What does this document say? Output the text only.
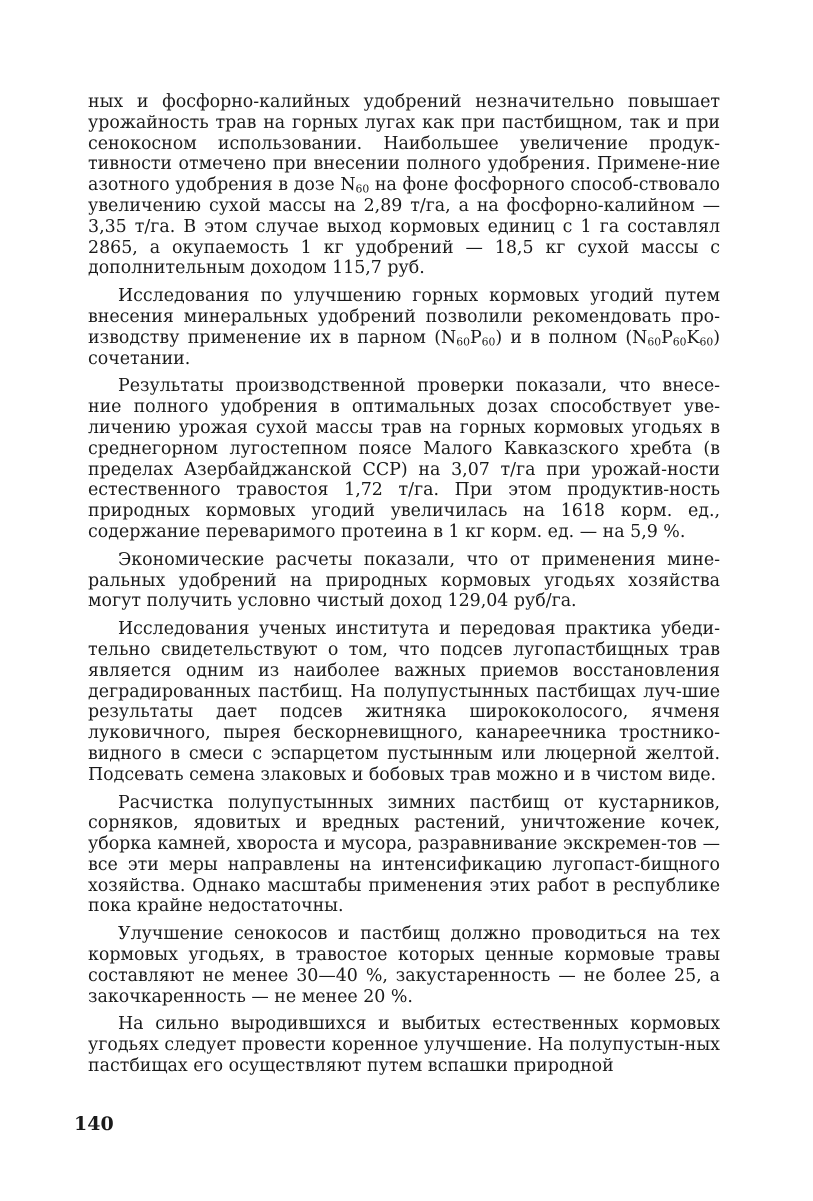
ных и фосфорно-калийных удобрений незначительно повышает урожайность трав на горных лугах как при пастбищном, так и при сенокосном использовании. Наибольшее увеличение продук-тивности отмечено при внесении полного удобрения. Примене-ние азотного удобрения в дозе $N_{60}$ на фоне фосфорного способ-ствовало увеличению сухой массы на 2,89 т/га, а на фосфорно-калийном — 3,35 т/га. В этом случае выход кормовых единиц с 1 га составлял 2865, а окупаемость 1 кг удобрений — 18,5 кг сухой массы с дополнительным доходом 115,7 руб.

Исследования по улучшению горных кормовых угодий путем внесения минеральных удобрений позволили рекомендовать про-изводству применение их в парном $(N_{60}P_{60})$ и в полном $(N_{60}P_{60}K_{60})$ сочетании.

Результаты производственной проверки показали, что внесе-ние полного удобрения в оптимальных дозах способствует уве-личению урожая сухой массы трав на горных кормовых угодьях в среднегорном лугостепном поясе Малого Кавказского хребта (в пределах Азербайджанской ССР) на 3,07 т/га при урожай-ности естественного травостоя 1,72 т/га. При этом продуктив-ность природных кормовых угодий увеличилась на 1618 корм. ед., содержание переваримого протеина в 1 кг корм. ед. — на 5,9 %.

Экономические расчеты показали, что от применения мине-ральных удобрений на природных кормовых угодьях хозяйства могут получить условно чистый доход 129,04 руб/га.

Исследования ученых института и передовая практика убеди-тельно свидетельствуют о том, что подсев лугопастбищных трав является одним из наиболее важных приемов восстановления деградированных пастбищ. На полупустынных пастбищах луч-шие результаты дает подсев житняка ширококолосого, ячменя луковичного, пырея бескорневищного, канареечника тростнико-видного в смеси с эспарцетом пустынным или люцерной желтой. Подсевать семена злаковых и бобовых трав можно и в чистом виде.

Расчистка полупустынных зимних пастбищ от кустарников, сорняков, ядовитых и вредных растений, уничтожение кочек, уборка камней, хвороста и мусора, разравнивание экскремен-тов — все эти меры направлены на интенсификацию лугопаст-бищного хозяйства. Однако масштабы применения этих работ в республике пока крайне недостаточны.

Улучшение сенокосов и пастбищ должно проводиться на тех кормовых угодьях, в травостое которых ценные кормовые травы составляют не менее 30—40 %, закустаренность — не более 25, а закочкаренность — не менее 20 %.

На сильно выродившихся и выбитых естественных кормовых угодьях следует провести коренное улучшение. На полупустын-ных пастбищах его осуществляют путем вспашки природной

140
